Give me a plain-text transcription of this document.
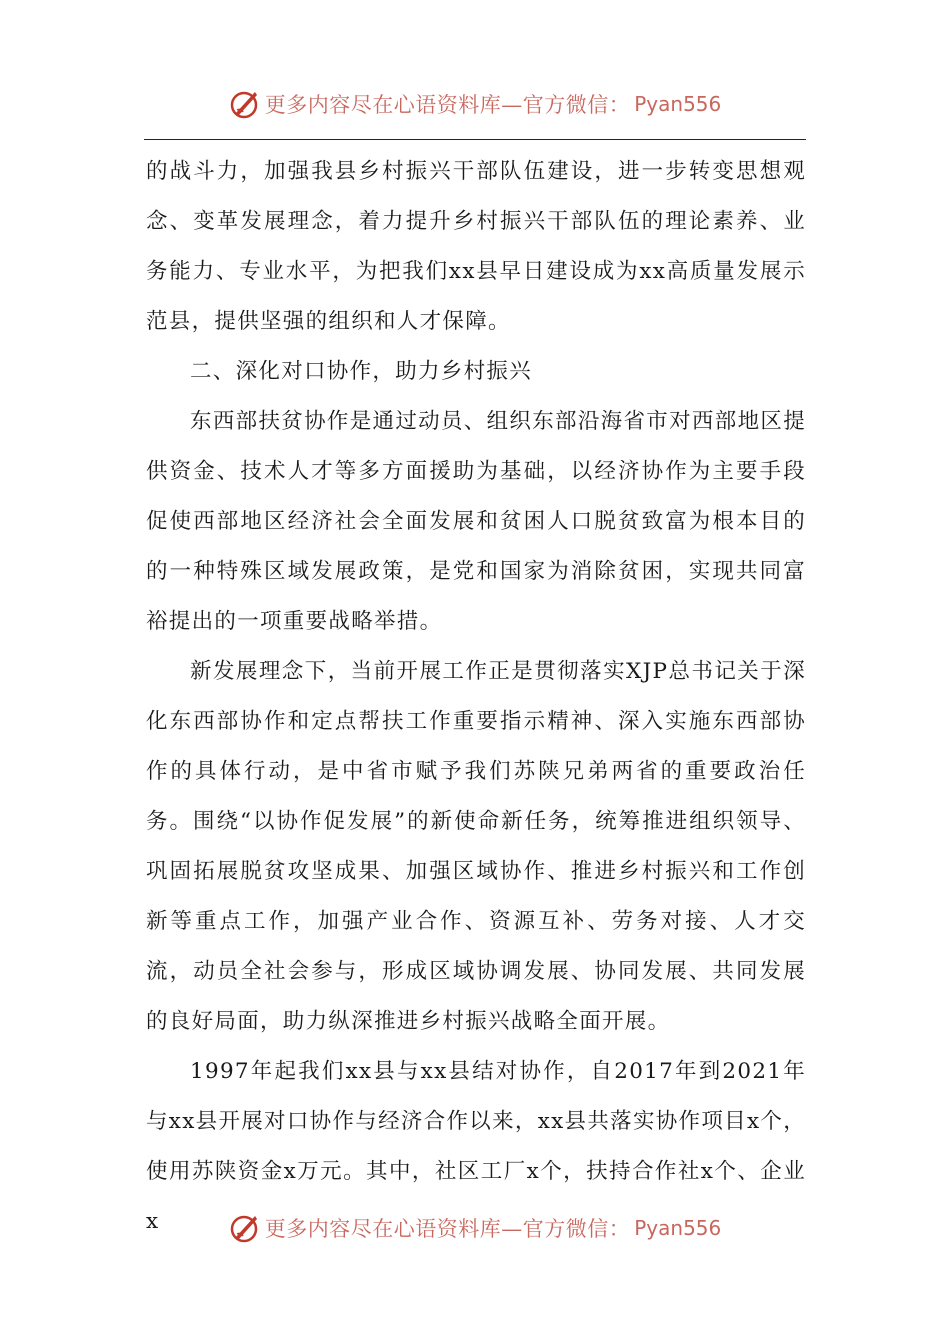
更多内容尽在心语资料库—官方微信： Pyan556

的战斗力，加强我县乡村振兴干部队伍建设，进一步转变思想观念、变革发展理念，着力提升乡村振兴干部队伍的理论素养、业务能力、专业水平，为把我们xx县早日建设成为xx高质量发展示范县，提供坚强的组织和人才保障。

二、深化对口协作，助力乡村振兴

东西部扶贫协作是通过动员、组织东部沿海省市对西部地区提供资金、技术人才等多方面援助为基础，以经济协作为主要手段促使西部地区经济社会全面发展和贫困人口脱贫致富为根本目的的一种特殊区域发展政策，是党和国家为消除贫困，实现共同富裕提出的一项重要战略举措。

新发展理念下，当前开展工作正是贯彻落实XJP总书记关于深化东西部协作和定点帮扶工作重要指示精神、深入实施东西部协作的具体行动，是中省市赋予我们苏陕兄弟两省的重要政治任务。围绕“以协作促发展”的新使命新任务，统筹推进组织领导、巩固拓展脱贫攻坚成果、加强区域协作、推进乡村振兴和工作创新等重点工作，加强产业合作、资源互补、劳务对接、人才交流，动员全社会参与，形成区域协调发展、协同发展、共同发展的良好局面，助力纵深推进乡村振兴战略全面开展。

1997年起我们xx县与xx县结对协作，自2017年到2021年与xx县开展对口协作与经济合作以来，xx县共落实协作项目x个，使用苏陕资金x万元。其中，社区工厂x个，扶持合作社x个、企业x	更多内容尽在心语资料库—官方微信： Pyan556
